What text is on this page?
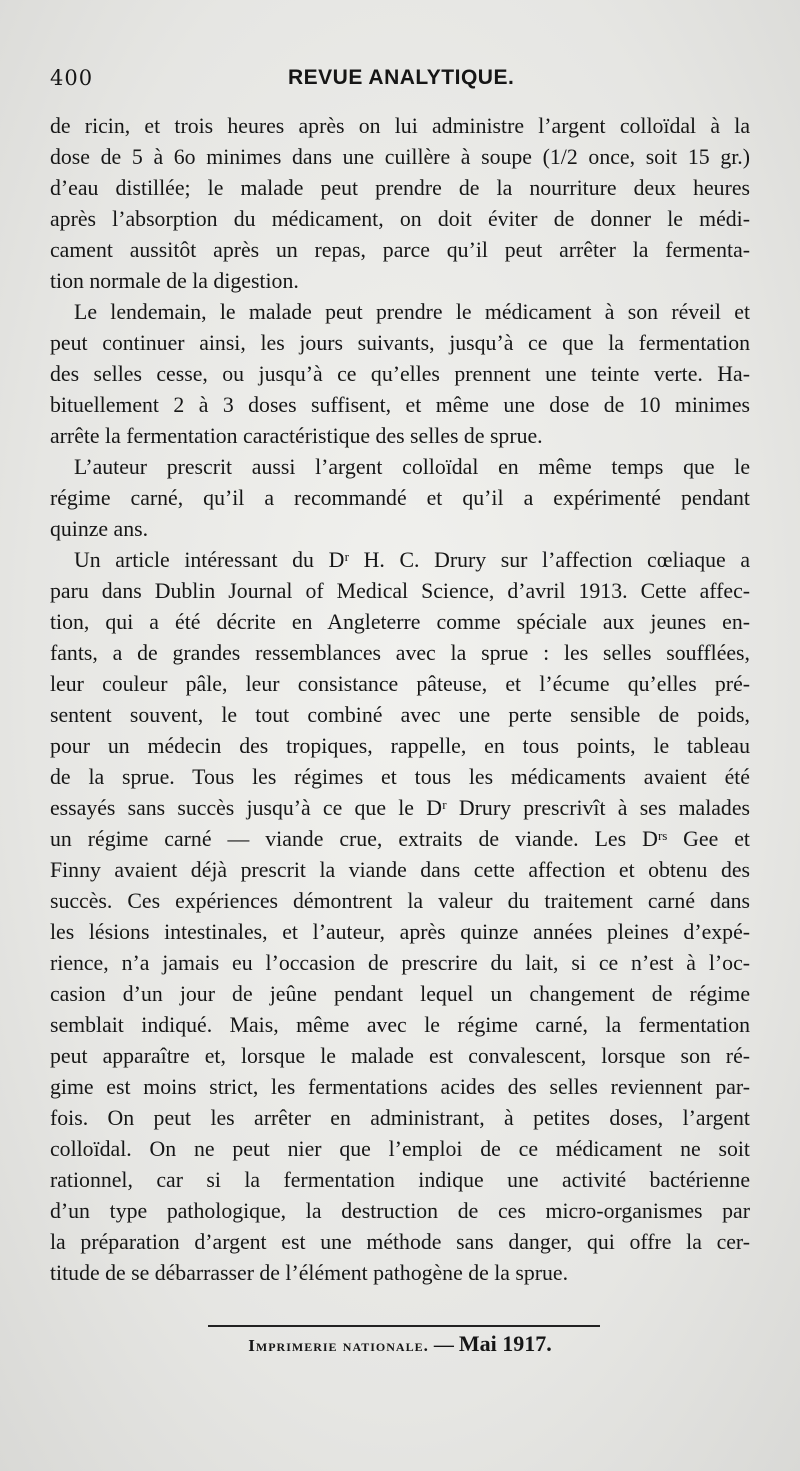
400	REVUE ANALYTIQUE.
de ricin, et trois heures après on lui administre l’argent colloïdal à la
dose de 5 à 6o minimes dans une cuillère à soupe (1/2 once, soit 15 gr.)
d’eau distillée; le malade peut prendre de la nourriture deux heures
après l’absorption du médicament, on doit éviter de donner le médi-
cament aussitôt après un repas, parce qu’il peut arrêter la fermenta-
tion normale de la digestion.
Le lendemain, le malade peut prendre le médicament à son réveil et
peut continuer ainsi, les jours suivants, jusqu’à ce que la fermentation
des selles cesse, ou jusqu’à ce qu’elles prennent une teinte verte. Ha-
bituellement 2 à 3 doses suffisent, et même une dose de 10 minimes
arrête la fermentation caractéristique des selles de sprue.
L’auteur prescrit aussi l’argent colloïdal en même temps que le
régime carné, qu’il a recommandé et qu’il a expérimenté pendant
quinze ans.
Un article intéressant du Dʳ H. C. Drury sur l’affection cœliaque a
paru dans Dublin Journal of Medical Science, d’avril 1913. Cette affec-
tion, qui a été décrite en Angleterre comme spéciale aux jeunes en-
fants, a de grandes ressemblances avec la sprue : les selles soufflées,
leur couleur pâle, leur consistance pâteuse, et l’écume qu’elles pré-
sentent souvent, le tout combiné avec une perte sensible de poids,
pour un médecin des tropiques, rappelle, en tous points, le tableau
de la sprue. Tous les régimes et tous les médicaments avaient été
essayés sans succès jusqu’à ce que le Dʳ Drury prescrivît à ses malades
un régime carné — viande crue, extraits de viande. Les Dʳˢ Gee et
Finny avaient déjà prescrit la viande dans cette affection et obtenu des
succès. Ces expériences démontrent la valeur du traitement carné dans
les lésions intestinales, et l’auteur, après quinze années pleines d’expé-
rience, n’a jamais eu l’occasion de prescrire du lait, si ce n’est à l’oc-
casion d’un jour de jeûne pendant lequel un changement de régime
semblait indiqué. Mais, même avec le régime carné, la fermentation
peut apparaître et, lorsque le malade est convalescent, lorsque son ré-
gime est moins strict, les fermentations acides des selles reviennent par-
fois. On peut les arrêter en administrant, à petites doses, l’argent
colloïdal. On ne peut nier que l’emploi de ce médicament ne soit
rationnel, car si la fermentation indique une activité bactérienne
d’un type pathologique, la destruction de ces micro-organismes par
la préparation d’argent est une méthode sans danger, qui offre la cer-
titude de se débarrasser de l’élément pathogène de la sprue.
Imprimerie nationale. — Mai 1917.
